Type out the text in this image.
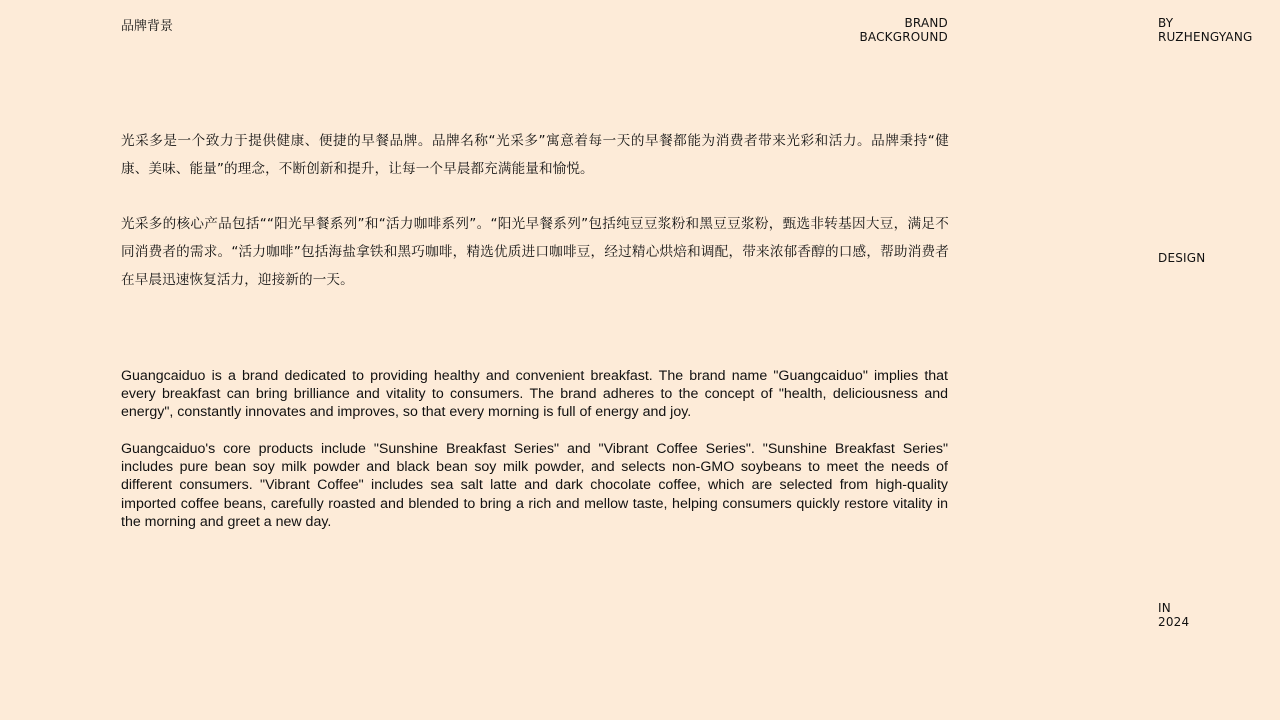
品牌背景	BRAND
BACKGROUND
BY
RUZHENGYANG
DESIGN
IN
2024

光采多是一个致力于提供健康、便捷的早餐品牌。品牌名称“光采多”寓意着每一天的早餐都能为消费者带来光彩和活力。品牌秉持“健康、美味、能量”的理念，不断创新和提升，让每一个早晨都充满能量和愉悦。

光采多的核心产品包括““阳光早餐系列”和“活力咖啡系列”。“阳光早餐系列”包括纯豆豆浆粉和黑豆豆浆粉，甄选非转基因大豆，满足不同消费者的需求。“活力咖啡”包括海盐拿铁和黑巧咖啡，精选优质进口咖啡豆，经过精心烘焙和调配，带来浓郁香醇的口感，帮助消费者在早晨迅速恢复活力，迎接新的一天。

Guangcaiduo is a brand dedicated to providing healthy and convenient breakfast. The brand name "Guangcaiduo" implies that every breakfast can bring brilliance and vitality to consumers. The brand adheres to the concept of "health, deliciousness and energy", constantly innovates and improves, so that every morning is full of energy and joy.

Guangcaiduo's core products include "Sunshine Breakfast Series" and "Vibrant Coffee Series". "Sunshine Breakfast Series" includes pure bean soy milk powder and black bean soy milk powder, and selects non-GMO soybeans to meet the needs of different consumers. "Vibrant Coffee" includes sea salt latte and dark chocolate coffee, which are selected from high-quality imported coffee beans, carefully roasted and blended to bring a rich and mellow taste, helping consumers quickly restore vitality in the morning and greet a new day.
